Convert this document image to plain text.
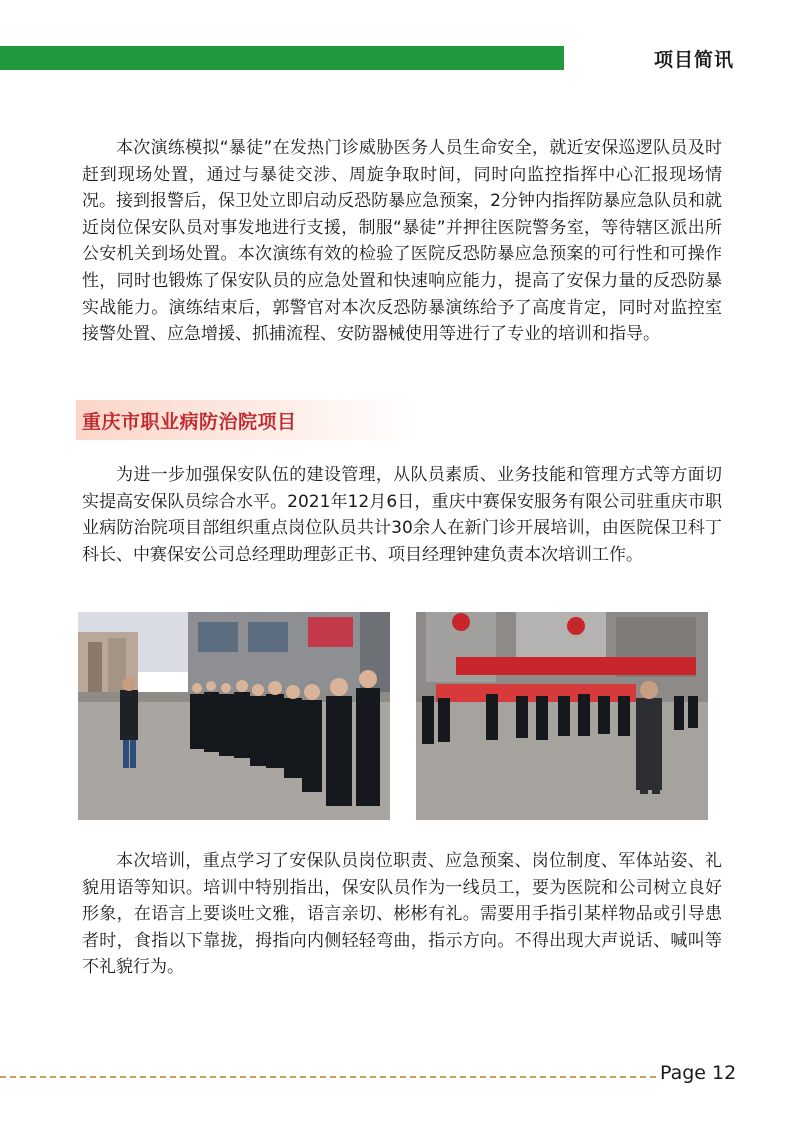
项目简讯

本次演练模拟“暴徒”在发热门诊威胁医务人员生命安全，就近安保巡逻队员及时赶到现场处置，通过与暴徒交涉、周旋争取时间，同时向监控指挥中心汇报现场情况。接到报警后，保卫处立即启动反恐防暴应急预案，2分钟内指挥防暴应急队员和就近岗位保安队员对事发地进行支援，制服“暴徒”并押往医院警务室，等待辖区派出所公安机关到场处置。本次演练有效的检验了医院反恐防暴应急预案的可行性和可操作性，同时也锻炼了保安队员的应急处置和快速响应能力，提高了安保力量的反恐防暴实战能力。演练结束后，郭警官对本次反恐防暴演练给予了高度肯定，同时对监控室接警处置、应急增援、抓捕流程、安防器械使用等进行了专业的培训和指导。

重庆市职业病防治院项目

为进一步加强保安队伍的建设管理，从队员素质、业务技能和管理方式等方面切实提高安保队员综合水平。2021年12月6日，重庆中赛保安服务有限公司驻重庆市职业病防治院项目部组织重点岗位队员共计30余人在新门诊开展培训，由医院保卫科丁科长、中赛保安公司总经理助理彭正书、项目经理钟建负责本次培训工作。

本次培训，重点学习了安保队员岗位职责、应急预案、岗位制度、军体站姿、礼貌用语等知识。培训中特别指出，保安队员作为一线员工，要为医院和公司树立良好形象，在语言上要谈吐文雅，语言亲切、彬彬有礼。需要用手指引某样物品或引导患者时，食指以下靠拢，拇指向内侧轻轻弯曲，指示方向。不得出现大声说话、喊叫等不礼貌行为。

Page 12
